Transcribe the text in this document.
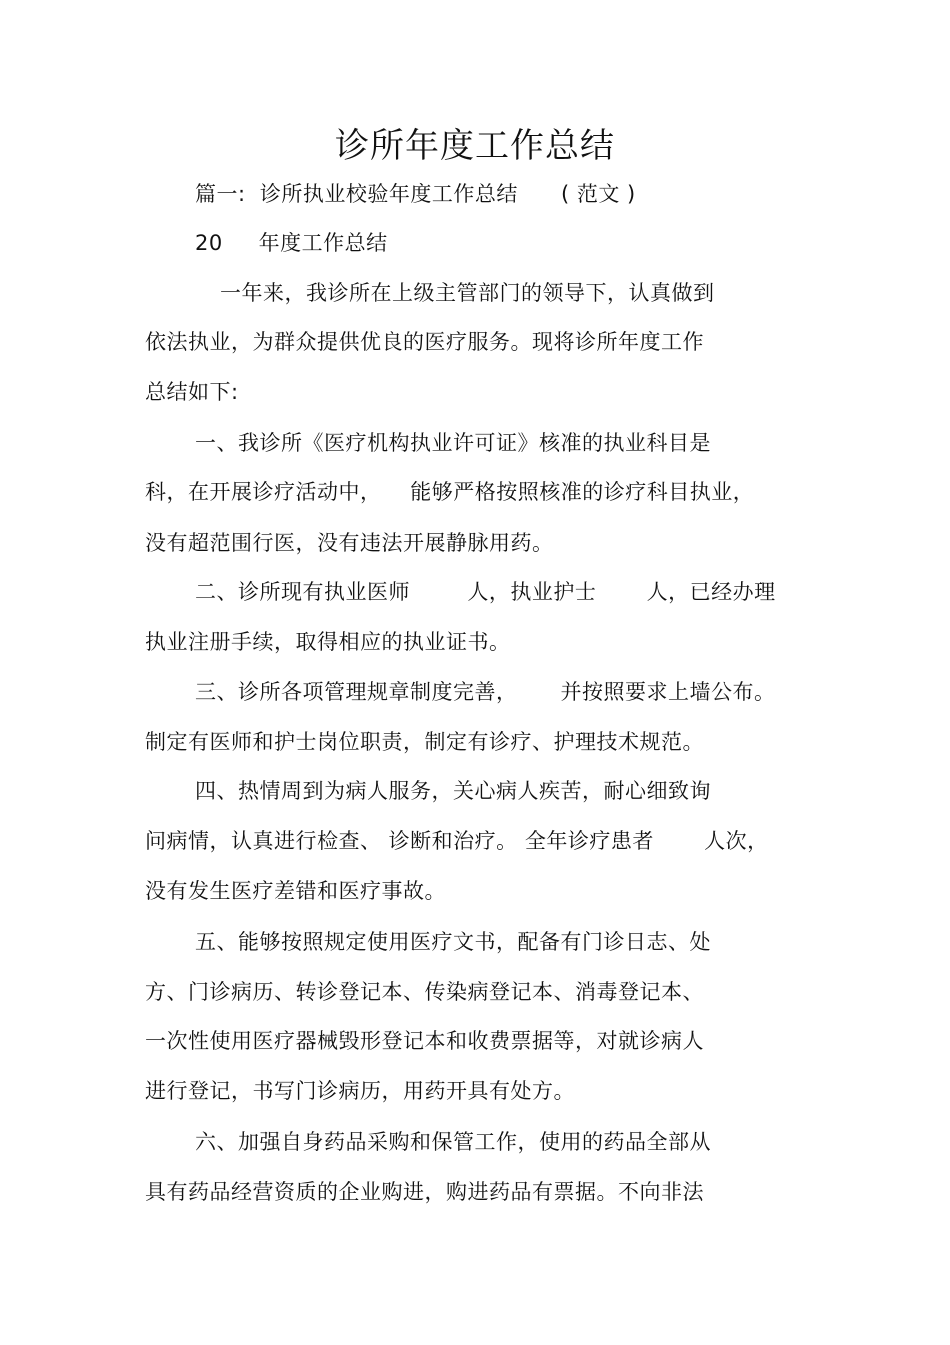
诊所年度工作总结
篇一:  诊所执业校验年度工作总结      ( 范文 )
20     年度工作总结
一年来，我诊所在上级主管部门的领导下，认真做到
依法执业，为群众提供优良的医疗服务。现将诊所年度工作
总结如下:
一、我诊所《医疗机构执业许可证》核准的执业科目是
科，在开展诊疗活动中，    能够严格按照核准的诊疗科目执业，
没有超范围行医，没有违法开展静脉用药。
二、诊所现有执业医师        人，执业护士       人，已经办理
执业注册手续，取得相应的执业证书。
三、诊所各项管理规章制度完善，      并按照要求上墙公布。
制定有医师和护士岗位职责，制定有诊疗、护理技术规范。
四、热情周到为病人服务，关心病人疾苦，耐心细致询
问病情，认真进行检查、 诊断和治疗。 全年诊疗患者       人次，
没有发生医疗差错和医疗事故。
五、能够按照规定使用医疗文书，配备有门诊日志、处
方、门诊病历、转诊登记本、传染病登记本、消毒登记本、
一次性使用医疗器械毁形登记本和收费票据等，对就诊病人
进行登记，书写门诊病历，用药开具有处方。
六、加强自身药品采购和保管工作，使用的药品全部从
具有药品经营资质的企业购进，购进药品有票据。不向非法
